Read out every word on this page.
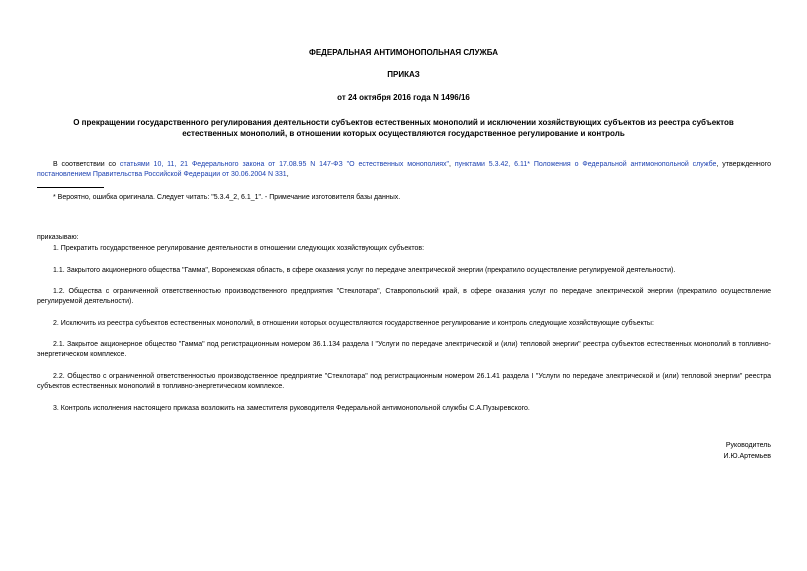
ФЕДЕРАЛЬНАЯ АНТИМОНОПОЛЬНАЯ СЛУЖБА

ПРИКАЗ

от 24 октября 2016 года N 1496/16

О прекращении государственного регулирования деятельности субъектов естественных монополий и исключении хозяйствующих субъектов из реестра субъектов естественных монополий, в отношении которых осуществляются государственное регулирование и контроль

В соответствии со статьями 10, 11, 21 Федерального закона от 17.08.95 N 147-ФЗ "О естественных монополиях", пунктами 5.3.42, 6.11* Положения о Федеральной антимонопольной службе, утвержденного постановлением Правительства Российской Федерации от 30.06.2004 N 331,

* Вероятно, ошибка оригинала. Следует читать: "5.3.4_2, 6.1_1". - Примечание изготовителя базы данных.

приказываю:

1. Прекратить государственное регулирование деятельности в отношении следующих хозяйствующих субъектов:

1.1. Закрытого акционерного общества "Гамма", Воронежская область, в сфере оказания услуг по передаче электрической энергии (прекратило осуществление регулируемой деятельности).

1.2. Общества с ограниченной ответственностью производственного предприятия "Стеклотара", Ставропольский край, в сфере оказания услуг по передаче электрической энергии (прекратило осуществление регулируемой деятельности).

2. Исключить из реестра субъектов естественных монополий, в отношении которых осуществляются государственное регулирование и контроль следующие хозяйствующие субъекты:

2.1. Закрытое акционерное общество "Гамма" под регистрационным номером 36.1.134 раздела I "Услуги по передаче электрической и (или) тепловой энергии" реестра субъектов естественных монополий в топливно-энергетическом комплексе.

2.2. Общество с ограниченной ответственностью производственное предприятие "Стеклотара" под регистрационным номером 26.1.41 раздела I "Услуги по передаче электрической и (или) тепловой энергии" реестра субъектов естественных монополий в топливно-энергетическом комплексе.

3. Контроль исполнения настоящего приказа возложить на заместителя руководителя Федеральной антимонопольной службы С.А.Пузыревского.

Руководитель

И.Ю.Артемьев
